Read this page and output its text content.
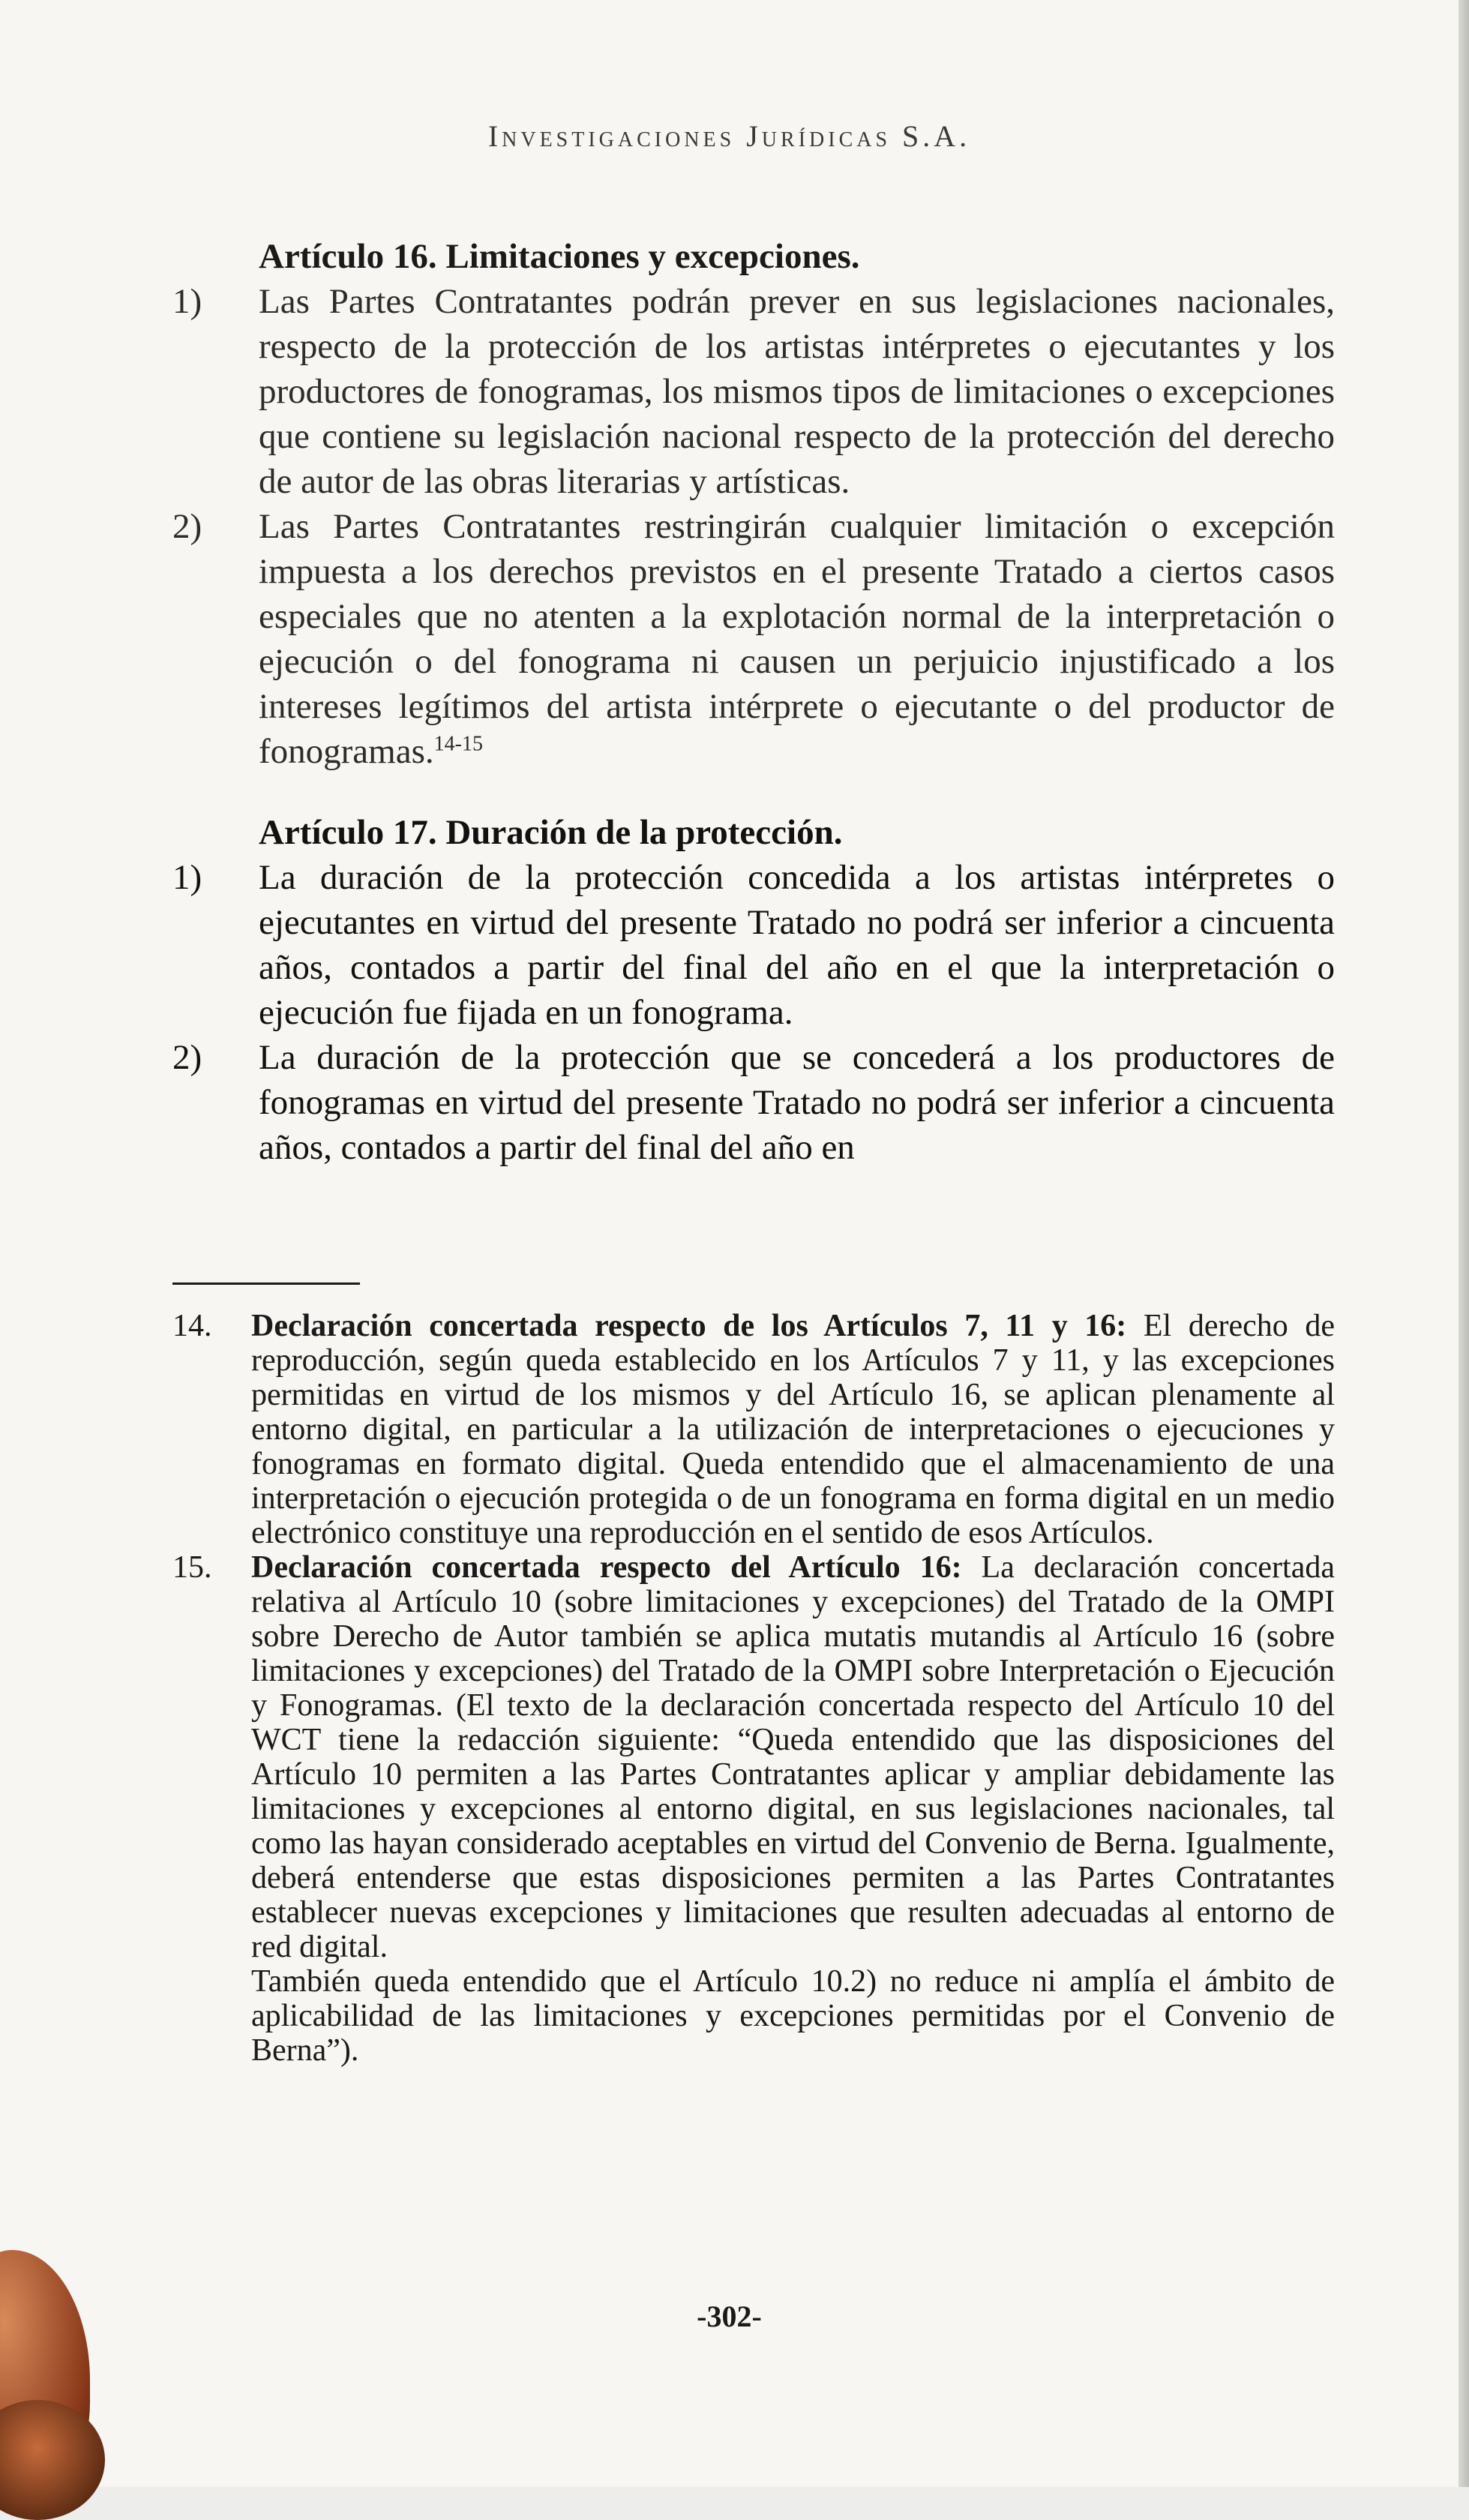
Investigaciones Jurídicas S.A.
Artículo 16. Limitaciones y excepciones.

1) Las Partes Contratantes podrán prever en sus legislaciones nacionales, respecto de la protección de los artistas intérpretes o ejecutantes y los productores de fonogramas, los mismos tipos de limitaciones o excepciones que contiene su legislación nacional respecto de la protección del derecho de autor de las obras literarias y artísticas.

2) Las Partes Contratantes restringirán cualquier limitación o excepción impuesta a los derechos previstos en el presente Tratado a ciertos casos especiales que no atenten a la explotación normal de la interpretación o ejecución o del fonograma ni causen un perjuicio injustificado a los intereses legítimos del artista intérprete o ejecutante o del productor de fonogramas.$^{14-15}$

Artículo 17. Duración de la protección.

1) La duración de la protección concedida a los artistas intérpretes o ejecutantes en virtud del presente Tratado no podrá ser inferior a cincuenta años, contados a partir del final del año en el que la interpretación o ejecución fue fijada en un fonograma.

2) La duración de la protección que se concederá a los productores de fonogramas en virtud del presente Tratado no podrá ser inferior a cincuenta años, contados a partir del final del año en

14. Declaración concertada respecto de los Artículos 7, 11 y 16: El derecho de reproducción, según queda establecido en los Artículos 7 y 11, y las excepciones permitidas en virtud de los mismos y del Artículo 16, se aplican plenamente al entorno digital, en particular a la utilización de interpretaciones o ejecuciones y fonogramas en formato digital. Queda entendido que el almacenamiento de una interpretación o ejecución protegida o de un fonograma en forma digital en un medio electrónico constituye una reproducción en el sentido de esos Artículos.

15. Declaración concertada respecto del Artículo 16: La declaración concertada relativa al Artículo 10 (sobre limitaciones y excepciones) del Tratado de la OMPI sobre Derecho de Autor también se aplica mutatis mutandis al Artículo 16 (sobre limitaciones y excepciones) del Tratado de la OMPI sobre Interpretación o Ejecución y Fonogramas. (El texto de la declaración concertada respecto del Artículo 10 del WCT tiene la redacción siguiente: “Queda entendido que las disposiciones del Artículo 10 permiten a las Partes Contratantes aplicar y ampliar debidamente las limitaciones y excepciones al entorno digital, en sus legislaciones nacionales, tal como las hayan considerado aceptables en virtud del Convenio de Berna. Igualmente, deberá entenderse que estas disposiciones permiten a las Partes Contratantes establecer nuevas excepciones y limitaciones que resulten adecuadas al entorno de red digital.

También queda entendido que el Artículo 10.2) no reduce ni amplía el ámbito de aplicabilidad de las limitaciones y excepciones permitidas por el Convenio de Berna”).

-302-
